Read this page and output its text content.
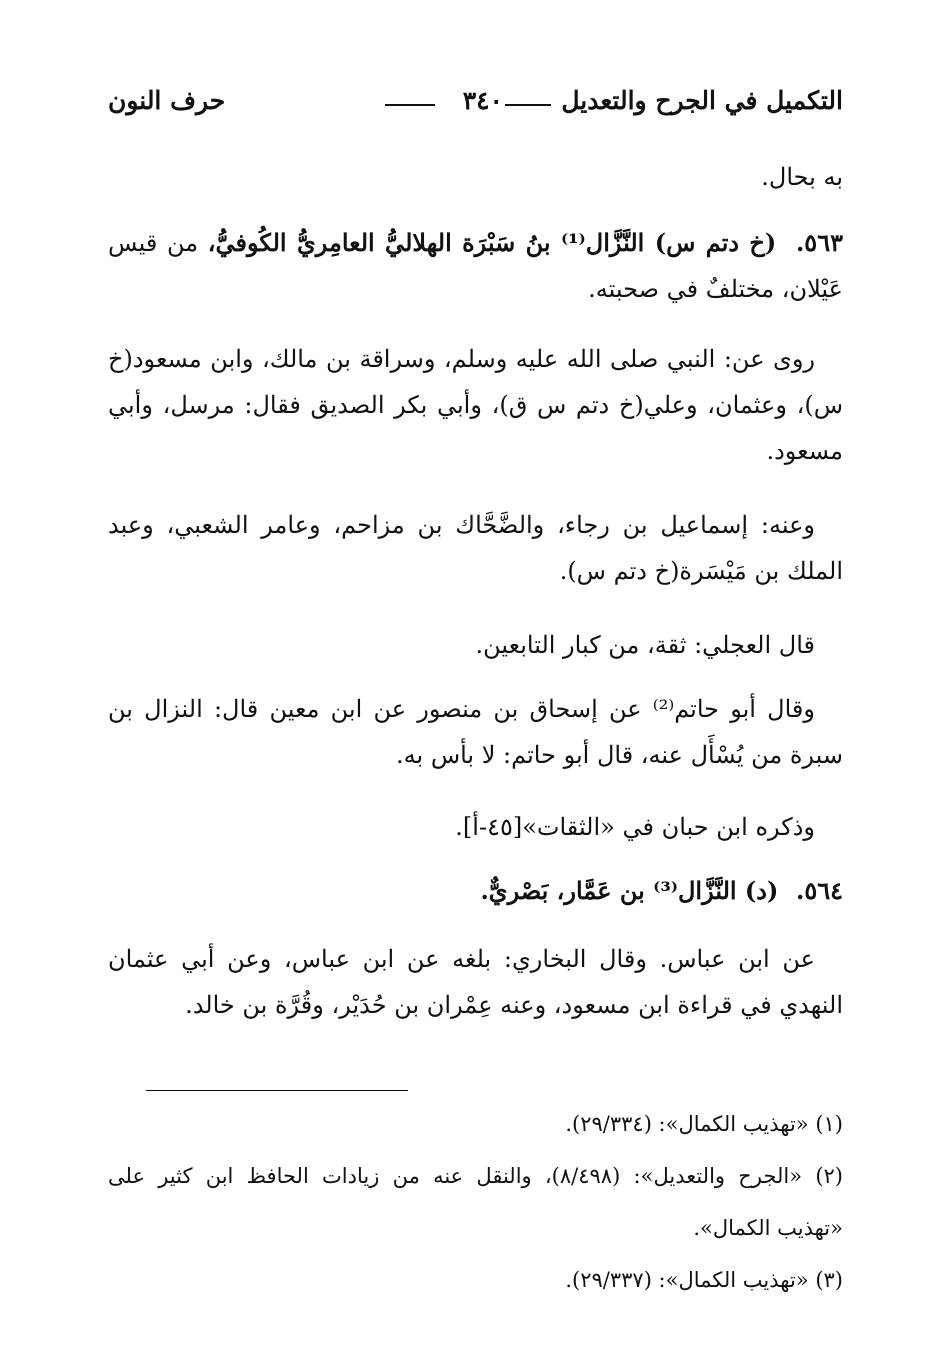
التكميل في الجرح والتعديل
٣٤٠
حرف النون
به بحال.
٥٦٣. (خ دتم س) النَّزَّال⁽¹⁾ بنُ سَبْرَة الهلاليُّ العامِريُّ الكُوفيُّ، من قيس عَيْلان، مختلفٌ في صحبته.
روى عن: النبي صلى الله عليه وسلم، وسراقة بن مالك، وابن مسعود(خ س)، وعثمان، وعلي(خ دتم س ق)، وأبي بكر الصديق فقال: مرسل، وأبي مسعود.
وعنه: إسماعيل بن رجاء، والضَّحَّاك بن مزاحم، وعامر الشعبي، وعبد الملك بن مَيْسَرة(خ دتم س).
قال العجلي: ثقة، من كبار التابعين.
وقال أبو حاتم⁽²⁾ عن إسحاق بن منصور عن ابن معين قال: النزال بن سبرة من يُسْأَل عنه، قال أبو حاتم: لا بأس به.
وذكره ابن حبان في «الثقات»[٤٥-أ].
٥٦٤. (د) النَّزَّال⁽³⁾ بن عَمَّار، بَصْريٌّ.
عن ابن عباس. وقال البخاري: بلغه عن ابن عباس، وعن أبي عثمان النهدي في قراءة ابن مسعود، وعنه عِمْران بن حُدَيْر، وقُرَّة بن خالد.
(١) «تهذيب الكمال»: (٢٩/٣٣٤).
(٢) «الجرح والتعديل»: (٨/٤٩٨)، والنقل عنه من زيادات الحافظ ابن كثير على «تهذيب الكمال».
(٣) «تهذيب الكمال»: (٢٩/٣٣٧).
